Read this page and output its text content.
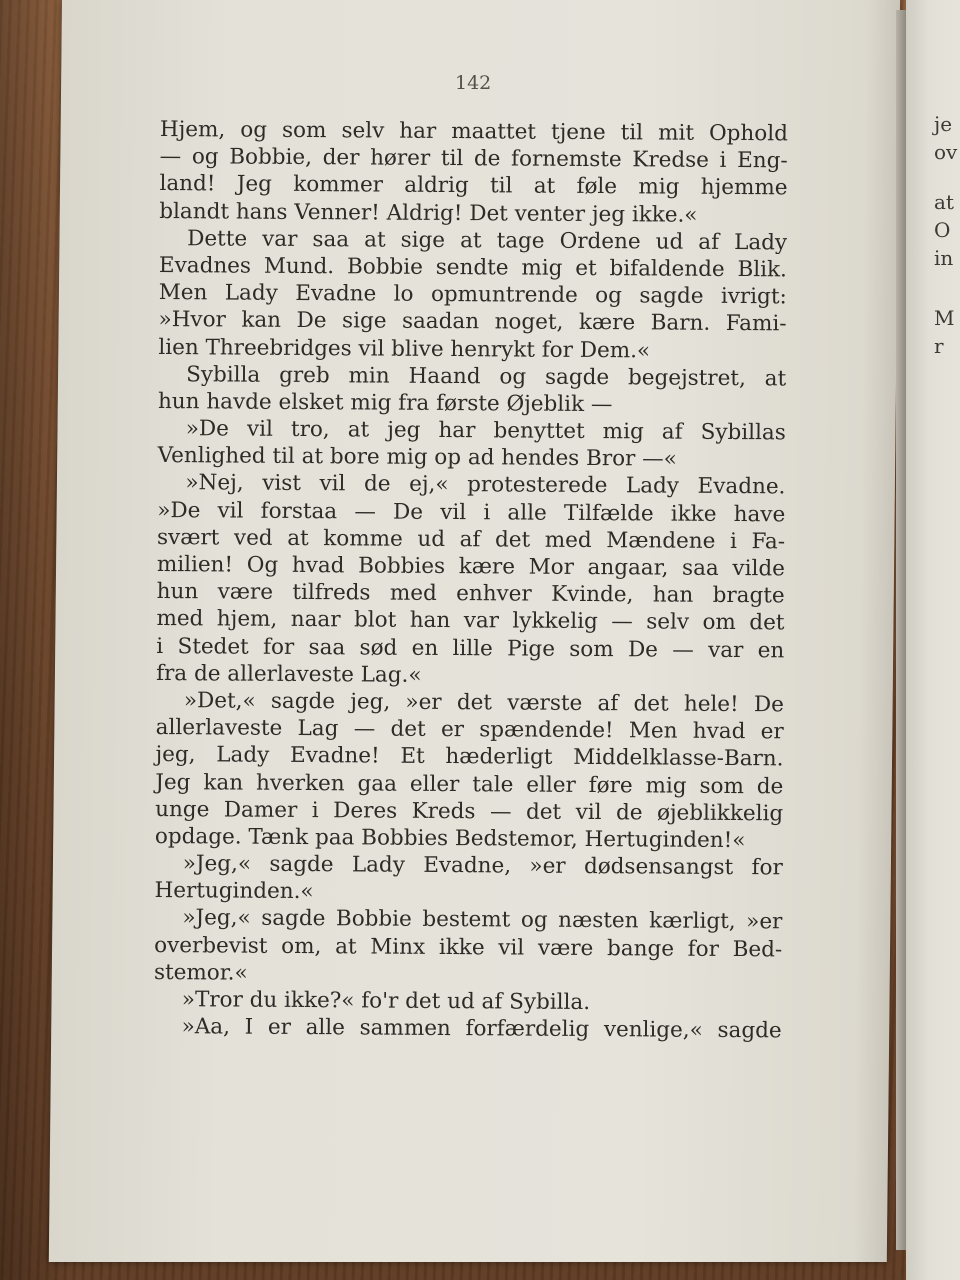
je
ov
at
O
in
M
r
142
Hjem, og som selv har maattet tjene til mit Ophold
— og Bobbie, der hører til de fornemste Kredse i Eng-
land! Jeg kommer aldrig til at føle mig hjemme
blandt hans Venner! Aldrig! Det venter jeg ikke.«
Dette var saa at sige at tage Ordene ud af Lady
Evadnes Mund. Bobbie sendte mig et bifaldende Blik.
Men Lady Evadne lo opmuntrende og sagde ivrigt:
»Hvor kan De sige saadan noget, kære Barn. Fami-
lien Threebridges vil blive henrykt for Dem.«
Sybilla greb min Haand og sagde begejstret, at
hun havde elsket mig fra første Øjeblik —
»De vil tro, at jeg har benyttet mig af Sybillas
Venlighed til at bore mig op ad hendes Bror —«
»Nej, vist vil de ej,« protesterede Lady Evadne.
»De vil forstaa — De vil i alle Tilfælde ikke have
svært ved at komme ud af det med Mændene i Fa-
milien! Og hvad Bobbies kære Mor angaar, saa vilde
hun være tilfreds med enhver Kvinde, han bragte
med hjem, naar blot han var lykkelig — selv om det
i Stedet for saa sød en lille Pige som De — var en
fra de allerlaveste Lag.«
»Det,« sagde jeg, »er det værste af det hele! De
allerlaveste Lag — det er spændende! Men hvad er
jeg, Lady Evadne! Et hæderligt Middelklasse-Barn.
Jeg kan hverken gaa eller tale eller føre mig som de
unge Damer i Deres Kreds — det vil de øjeblikkelig
opdage. Tænk paa Bobbies Bedstemor, Hertuginden!«
»Jeg,« sagde Lady Evadne, »er dødsensangst for
Hertuginden.«
»Jeg,« sagde Bobbie bestemt og næsten kærligt, »er
overbevist om, at Minx ikke vil være bange for Bed-
stemor.«
»Tror du ikke?« fo'r det ud af Sybilla.
»Aa, I er alle sammen forfærdelig venlige,« sagde
